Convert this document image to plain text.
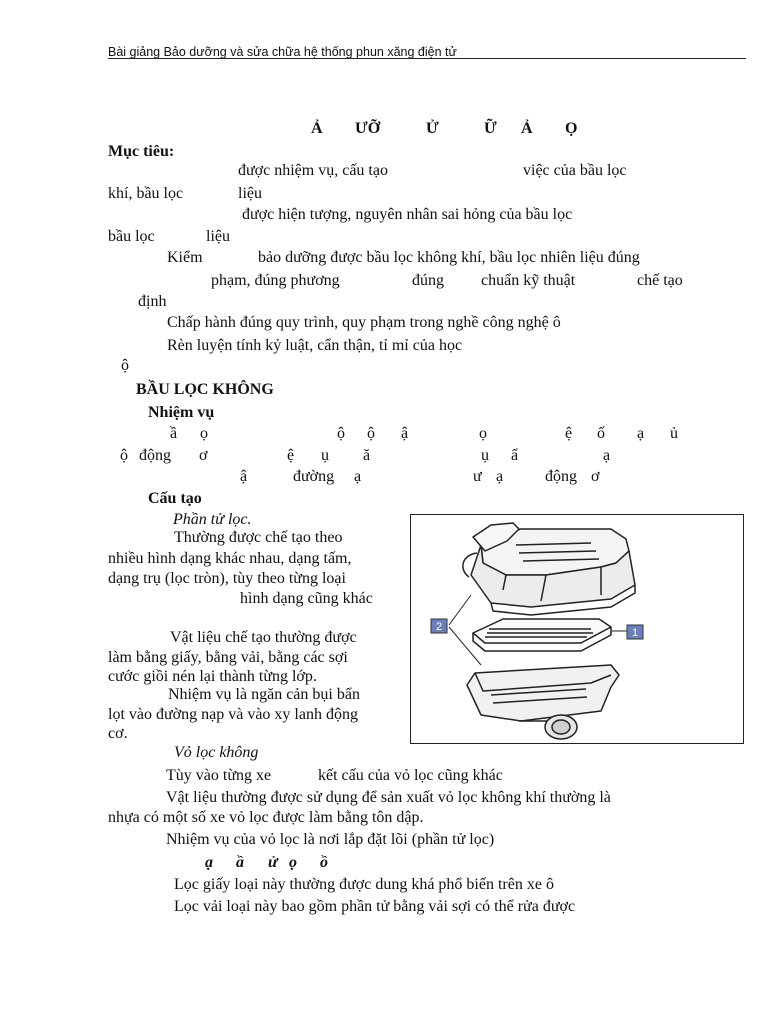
Bài giảng Bảo dưỡng và sửa chữa hệ thống phun xăng điện tử
Ả ƯỠ	Ử	Ữ Ả Ọ
Mục tiêu:
được nhiệm vụ, cấu tạo	việc của bầu lọc
khí, bầu lọc	liệu
được hiện tượng, nguyên nhân sai hỏng của bầu lọc
bầu lọc	liệu
Kiểm	bảo dưỡng được bầu lọc không khí, bầu lọc nhiên liệu đúng
phạm, đúng phương	đúng chuẩn kỹ thuật	chế tạo
định
Chấp hành đúng quy trình, quy phạm trong nghề công nghệ ô
Rèn luyện tính kỷ luật, cẩn thận, tỉ mỉ của học
ộ
BẦU LỌC KHÔNG
Nhiệm vụ
ầ ọ	ộ ộ ậ	ọ	ệ ố ạ ủ
ộ động ơ	ệ ụ ă	ụ ẩ	ạ
ậ	đường ạ	ư ạ	động ơ
Cấu tạo
Phần tử lọc.
Thường được chế tạo theo
nhiều hình dạng khác nhau, dạng tấm,
dạng trụ (lọc tròn), tùy theo từng loại
hình dạng cũng khác
Vật liệu chế tạo thường được
làm bằng giấy, bằng vải, bằng các sợi
cước giồi nén lại thành từng lớp.
Nhiệm vụ là ngăn cản bụi bẩn
lọt vào đường nạp và vào xy lanh động
cơ.
Vỏ lọc không
Tùy vào từng xe	kết cấu của vỏ lọc cũng khác
Vật liệu thường được sử dụng để sản xuất vỏ lọc không khí thường là
nhựa có một số xe vỏ lọc được làm bằng tôn dập.
Nhiệm vụ của vỏ lọc là nơi lắp đặt lõi (phần tử lọc)
ạ ầ ử ọ ồ
Lọc giấy loại này thường được dung khá phổ biến trên xe ô
Lọc vải loại này bao gồm phần tử bằng vải sợi có thể rửa được
2	1
